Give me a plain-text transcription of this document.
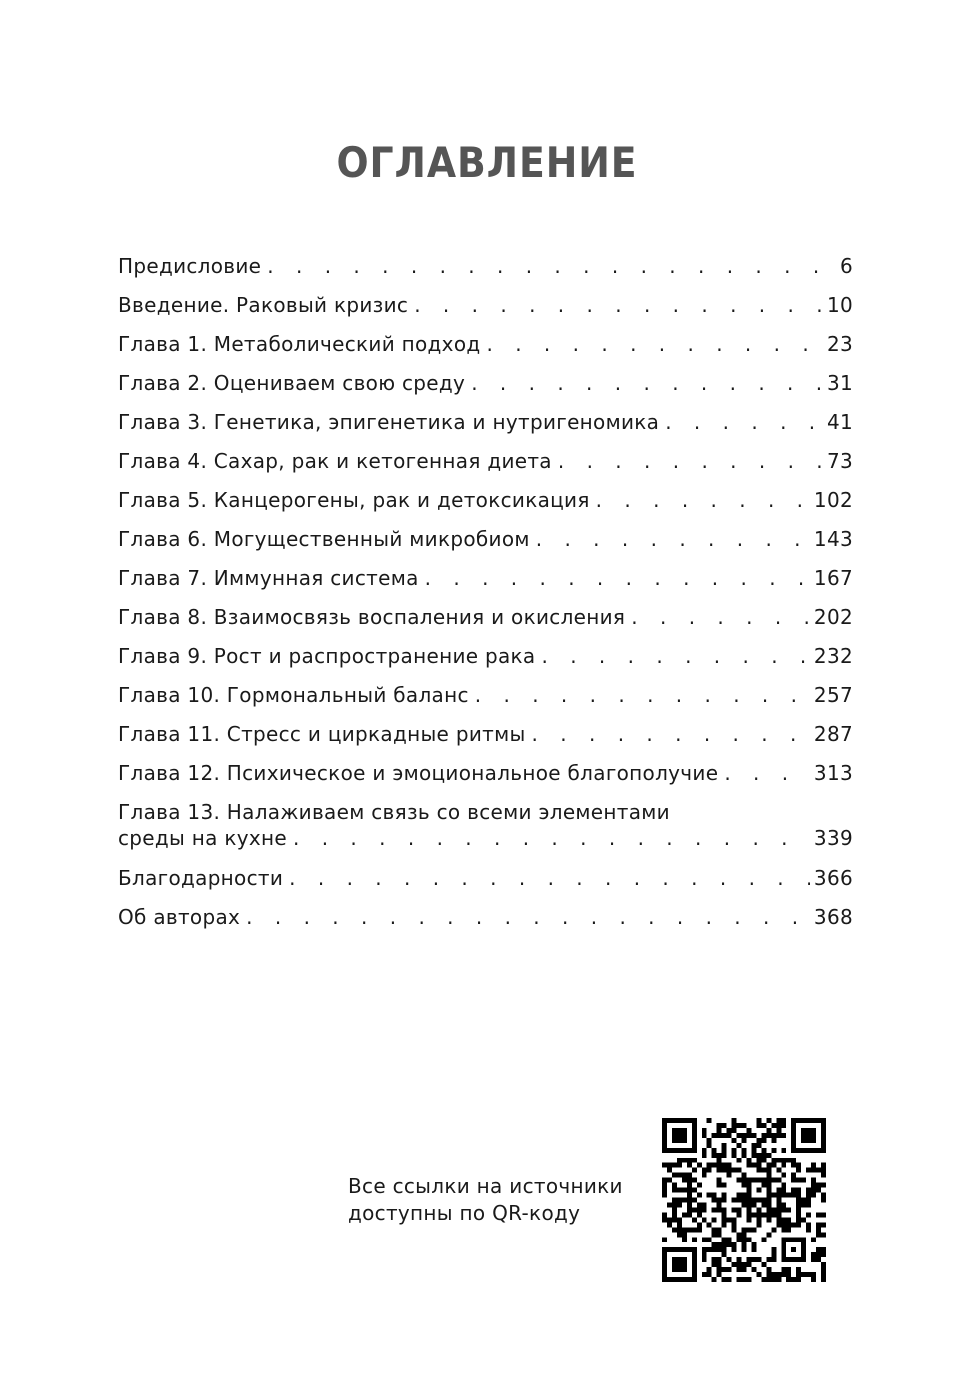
ОГЛАВЛЕНИЕ
Предисловие . . .	6
Введение. Раковый кризис . . .	10
Глава 1. Метаболический подход . . .	23
Глава 2. Оцениваем свою среду . . .	31
Глава 3. Генетика, эпигенетика и нутригеномика . . .	41
Глава 4. Сахар, рак и кетогенная диета . . .	73
Глава 5. Канцерогены, рак и детоксикация . . .	102
Глава 6. Могущественный микробиом . . .	143
Глава 7. Иммунная система . . .	167
Глава 8. Взаимосвязь воспаления и окисления . . .	202
Глава 9. Рост и распространение рака . . .	232
Глава 10. Гормональный баланс . . .	257
Глава 11. Стресс и циркадные ритмы . . .	287
Глава 12. Психическое и эмоциональное благополучие . . .	313
Глава 13. Налаживаем связь со всеми элементами
среды на кухне . . .	339
Благодарности . . .	366
Об авторах . . .	368
Все ссылки на источники
доступны по QR-коду
